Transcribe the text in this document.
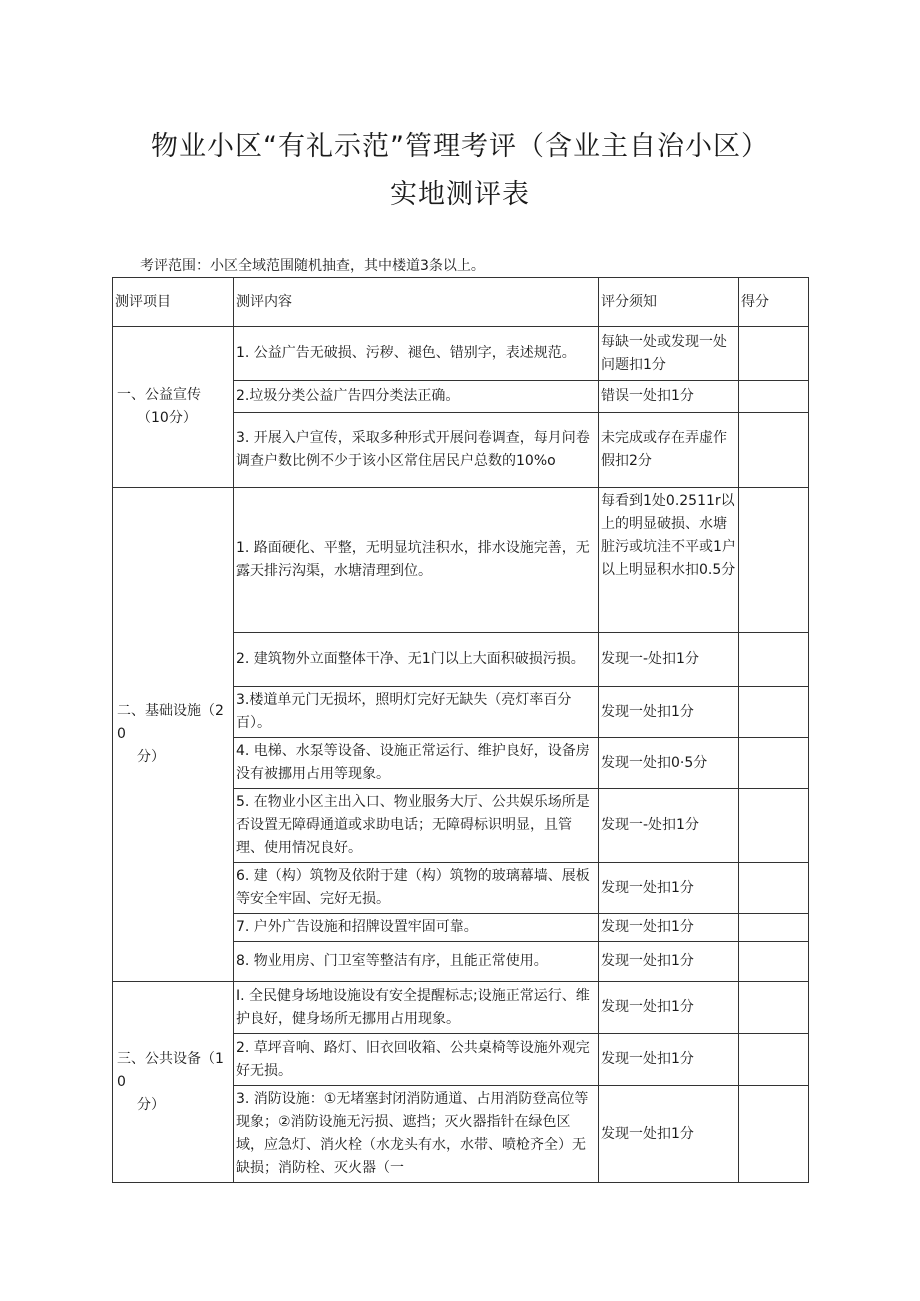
物业小区“有礼示范”管理考评（含业主自治小区）
实地测评表
考评范围：小区全域范围随机抽查，其中楼道3条以上。
测评项目	测评内容	评分须知	得分
一、公益宣传
（10分）	1. 公益广告无破损、污秽、褪色、错别字，表述规范。	每缺一处或发现一处问题扣1分	
	2.垃圾分类公益广告四分类法正确。	错误一处扣1分	
	3. 开展入户宣传，采取多种形式开展问卷调查，每月问卷调查户数比例不少于该小区常住居民户总数的10%o	未完成或存在弄虚作假扣2分	
二、基础设施（20
分）	1. 路面硬化、平整，无明显坑洼积水，排水设施完善，无露天排污沟渠，水塘清理到位。	每看到1处0.2511r以上的明显破损、水塘脏污或坑洼不平或1户以上明显积水扣0.5分	
	2. 建筑物外立面整体干净、无1门以上大面积破损污损。	发现一-处扣1分	
	3.楼道单元门无损坏，照明灯完好无缺失（亮灯率百分百）。	发现一处扣1分	
	4. 电梯、水泵等设备、设施正常运行、维护良好，设备房没有被挪用占用等现象。	发现一处扣0·5分	
	5. 在物业小区主出入口、物业服务大厅、公共娱乐场所是否设置无障碍通道或求助电话；无障碍标识明显，且管理、使用情况良好。	发现一-处扣1分	
	6. 建（构）筑物及依附于建（构）筑物的玻璃幕墙、展板等安全牢固、完好无损。	发现一处扣1分	
	7. 户外广告设施和招牌设置牢固可靠。	发现一处扣1分	
	8. 物业用房、门卫室等整洁有序，且能正常使用。	发现一处扣1分	
三、公共设备（10
分）	I. 全民健身场地设施设有安全提醒标志;设施正常运行、维护良好，健身场所无挪用占用现象。	发现一处扣1分	
	2. 草坪音响、路灯、旧衣回收箱、公共桌椅等设施外观完好无损。	发现一处扣1分	
	3. 消防设施：①无堵塞封闭消防通道、占用消防登高位等现象；②消防设施无污损、遮挡；灭火器指针在绿色区域，应急灯、消火栓（水龙头有水，水带、喷枪齐全）无缺损；消防栓、灭火器（一	发现一处扣1分	
